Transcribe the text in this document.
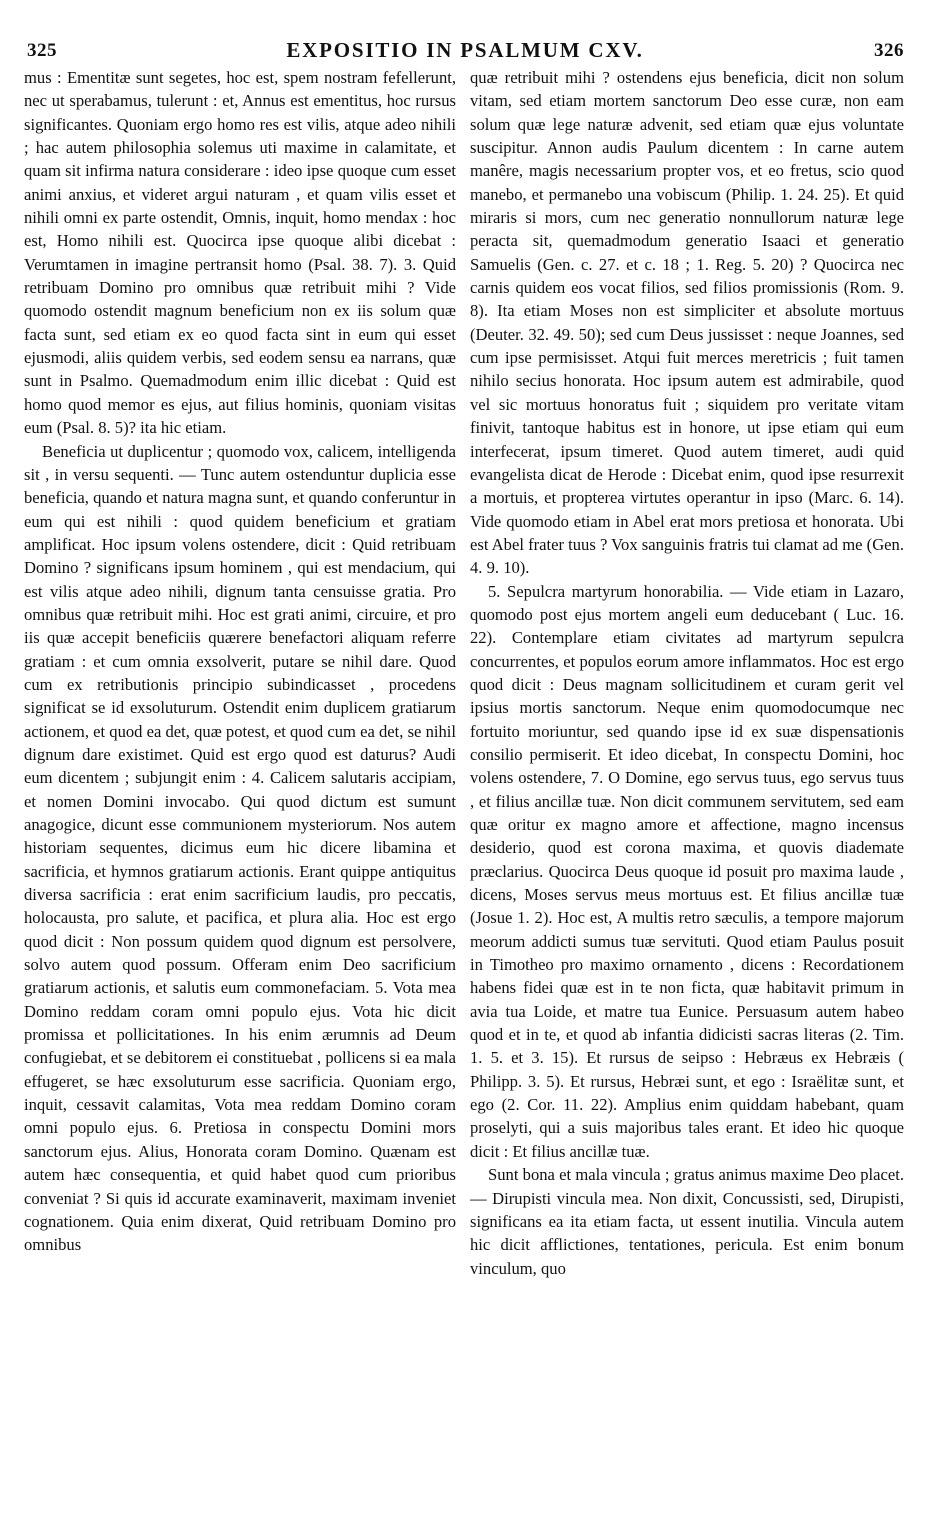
325	EXPOSITIO IN PSALMUM CXV.	326

mus : Ementitæ sunt segetes, hoc est, spem nostram fefellerunt, nec ut sperabamus, tulerunt : et, Annus est ementitus, hoc rursus significantes. Quoniam ergo homo res est vilis, atque adeo nihili ; hac autem philosophia solemus uti maxime in calamitate, et quam sit infirma natura considerare : ideo ipse quoque cum esset animi anxius, et videret argui naturam , et quam vilis esset et nihili omni ex parte ostendit, Omnis, inquit, homo mendax : hoc est, Homo nihili est. Quocirca ipse quoque alibi dicebat : Verumtamen in imagine pertransit homo (Psal. 38. 7). 3. Quid retribuam Domino pro omnibus quæ retribuit mihi ? Vide quomodo ostendit magnum beneficium non ex iis solum quæ facta sunt, sed etiam ex eo quod facta sint in eum qui esset ejusmodi, aliis quidem verbis, sed eodem sensu ea narrans, quæ sunt in Psalmo. Quemadmodum enim illic dicebat : Quid est homo quod memor es ejus, aut filius hominis, quoniam visitas eum (Psal. 8. 5)? ita hic etiam.

Beneficia ut duplicentur ; quomodo vox, calicem, intelligenda sit , in versu sequenti. — Tunc autem ostenduntur duplicia esse beneficia, quando et natura magna sunt, et quando conferuntur in eum qui est nihili : quod quidem beneficium et gratiam amplificat. Hoc ipsum volens ostendere, dicit : Quid retribuam Domino ? significans ipsum hominem , qui est mendacium, qui est vilis atque adeo nihili, dignum tanta censuisse gratia. Pro omnibus quæ retribuit mihi. Hoc est grati animi, circuire, et pro iis quæ accepit beneficiis quærere benefactori aliquam referre gratiam : et cum omnia exsolverit, putare se nihil dare. Quod cum ex retributionis principio subindicasset , procedens significat se id exsoluturum. Ostendit enim duplicem gratiarum actionem, et quod ea det, quæ potest, et quod cum ea det, se nihil dignum dare existimet. Quid est ergo quod est daturus? Audi eum dicentem ; subjungit enim : 4. Calicem salutaris accipiam, et nomen Domini invocabo. Qui quod dictum est sumunt anagogice, dicunt esse communionem mysteriorum. Nos autem historiam sequentes, dicimus eum hic dicere libamina et sacrificia, et hymnos gratiarum actionis. Erant quippe antiquitus diversa sacrificia : erat enim sacrificium laudis, pro peccatis, holocausta, pro salute, et pacifica, et plura alia. Hoc est ergo quod dicit : Non possum quidem quod dignum est persolvere, solvo autem quod possum. Offeram enim Deo sacrificium gratiarum actionis, et salutis eum commonefaciam. 5. Vota mea Domino reddam coram omni populo ejus. Vota hic dicit promissa et pollicitationes. In his enim ærumnis ad Deum confugiebat, et se debitorem ei constituebat , pollicens si ea mala effugeret, se hæc exsoluturum esse sacrificia. Quoniam ergo, inquit, cessavit calamitas, Vota mea reddam Domino coram omni populo ejus. 6. Pretiosa in conspectu Domini mors sanctorum ejus. Alius, Honorata coram Domino. Quænam est autem hæc consequentia, et quid habet quod cum prioribus conveniat ? Si quis id accurate examinaverit, maximam inveniet cognationem. Quia enim dixerat, Quid retribuam Domino pro omnibus

quæ retribuit mihi ? ostendens ejus beneficia, dicit non solum vitam, sed etiam mortem sanctorum Deo esse curæ, non eam solum quæ lege naturæ advenit, sed etiam quæ ejus voluntate suscipitur. Annon audis Paulum dicentem : In carne autem manêre, magis necessarium propter vos, et eo fretus, scio quod manebo, et permanebo una vobiscum (Philip. 1. 24. 25). Et quid miraris si mors, cum nec generatio nonnullorum naturæ lege peracta sit, quemadmodum generatio Isaaci et generatio Samuelis (Gen. c. 27. et c. 18 ; 1. Reg. 5. 20) ? Quocirca nec carnis quidem eos vocat filios, sed filios promissionis (Rom. 9. 8). Ita etiam Moses non est simpliciter et absolute mortuus (Deuter. 32. 49. 50); sed cum Deus jussisset : neque Joannes, sed cum ipse permisisset. Atqui fuit merces meretricis ; fuit tamen nihilo secius honorata. Hoc ipsum autem est admirabile, quod vel sic mortuus honoratus fuit ; siquidem pro veritate vitam finivit, tantoque habitus est in honore, ut ipse etiam qui eum interfecerat, ipsum timeret. Quod autem timeret, audi quid evangelista dicat de Herode : Dicebat enim, quod ipse resurrexit a mortuis, et propterea virtutes operantur in ipso (Marc. 6. 14). Vide quomodo etiam in Abel erat mors pretiosa et honorata. Ubi est Abel frater tuus ? Vox sanguinis fratris tui clamat ad me (Gen. 4. 9. 10).

5. Sepulcra martyrum honorabilia. — Vide etiam in Lazaro, quomodo post ejus mortem angeli eum deducebant ( Luc. 16. 22). Contemplare etiam civitates ad martyrum sepulcra concurrentes, et populos eorum amore inflammatos. Hoc est ergo quod dicit : Deus magnam sollicitudinem et curam gerit vel ipsius mortis sanctorum. Neque enim quomodocumque nec fortuito moriuntur, sed quando ipse id ex suæ dispensationis consilio permiserit. Et ideo dicebat, In conspectu Domini, hoc volens ostendere, 7. O Domine, ego servus tuus, ego servus tuus , et filius ancillæ tuæ. Non dicit communem servitutem, sed eam quæ oritur ex magno amore et affectione, magno incensus desiderio, quod est corona maxima, et quovis diademate præclarius. Quocirca Deus quoque id posuit pro maxima laude , dicens, Moses servus meus mortuus est. Et filius ancillæ tuæ (Josue 1. 2). Hoc est, A multis retro sæculis, a tempore majorum meorum addicti sumus tuæ servituti. Quod etiam Paulus posuit in Timotheo pro maximo ornamento , dicens : Recordationem habens fidei quæ est in te non ficta, quæ habitavit primum in avia tua Loide, et matre tua Eunice. Persuasum autem habeo quod et in te, et quod ab infantia didicisti sacras literas (2. Tim. 1. 5. et 3. 15). Et rursus de seipso : Hebræus ex Hebræis ( Philipp. 3. 5). Et rursus, Hebræi sunt, et ego : Israëlitæ sunt, et ego (2. Cor. 11. 22). Amplius enim quiddam habebant, quam proselyti, qui a suis majoribus tales erant. Et ideo hic quoque dicit : Et filius ancillæ tuæ.

Sunt bona et mala vincula ; gratus animus maxime Deo placet.— Dirupisti vincula mea. Non dixit, Concussisti, sed, Dirupisti, significans ea ita etiam facta, ut essent inutilia. Vincula autem hic dicit afflictiones, tentationes, pericula. Est enim bonum vinculum, quo
